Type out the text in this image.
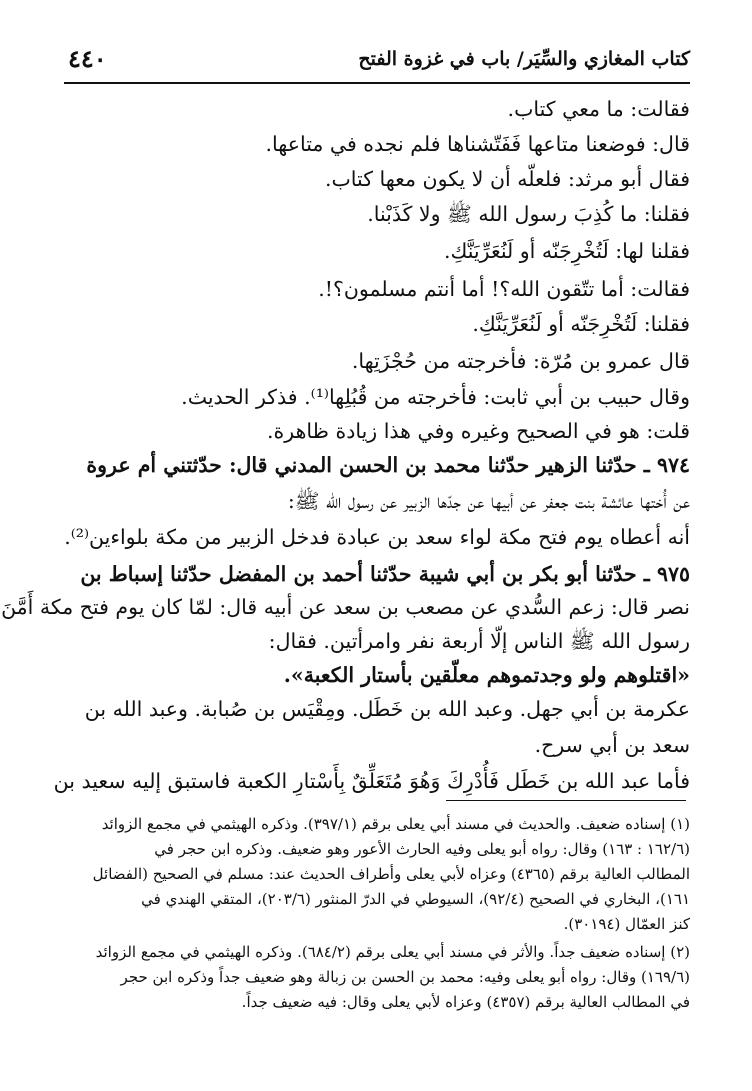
كتاب المغازي والسِّيَر/ باب في غزوة الفتح
٤٤٠
فقالت: ما معي كتاب.
قال: فوضعنا متاعها فَفَتّشناها فلم نجده في متاعها.
فقال أبو مرثد: فلعلّه أن لا يكون معها كتاب.
فقلنا: ما كُذِبَ رسول الله ﷺ ولا كَذَبْنا.
فقلنا لها: لَتُخْرِجَنّه أو لَنُعَرِّيَنَّكِ.
فقالت: أما تتّقون الله؟! أما أنتم مسلمون؟!.
فقلنا: لَتُخْرِجَنّه أو لَنُعَرِّيَنَّكِ.
قال عمرو بن مُرّة: فأخرجته من حُجْزَتِها.
وقال حبيب بن أبي ثابت: فأخرجته من قُبُلِها⁽¹⁾. فذكر الحديث.
قلت: هو في الصحيح وغيره وفي هذا زيادة ظاهرة.
٩٧٤ ـ حدّثنا الزهير حدّثنا محمد بن الحسن المدني قال: حدّثتني أم عروة
عن أُختها عائشة بنت جعفر عن أبيها عن جدّها الزبير عن رسول الله ﷺ:
أنه أعطاه يوم فتح مكة لواء سعد بن عبادة فدخل الزبير من مكة بلواءين⁽²⁾.
٩٧٥ ـ حدّثنا أبو بكر بن أبي شيبة حدّثنا أحمد بن المفضل حدّثنا إسباط بن
نصر قال: زعم السُّدي عن مصعب بن سعد عن أبيه قال: لمّا كان يوم فتح مكة أَمَّنَ
رسول الله ﷺ الناس إلّا أربعة نفر وامرأتين. فقال:
«اقتلوهم ولو وجدتموهم معلّقين بأستار الكعبة».
عكرمة بن أبي جهل. وعبد الله بن خَطَل. ومِقْيَس بن صُبابة. وعبد الله بن
سعد بن أبي سرح.
فأما عبد الله بن خَطَل فَأُدْرِكَ وَهُوَ مُتَعَلِّقٌ بِأَسْتارِ الكعبة فاستبق إليه سعيد بن
(١) إسناده ضعيف. والحديث في مسند أبي يعلى برقم (٣٩٧/١). وذكره الهيثمي في مجمع الزوائد
(١٦٢/٦ : ١٦٣) وقال: رواه أبو يعلى وفيه الحارث الأعور وهو ضعيف. وذكره ابن حجر في
المطالب العالية برقم (٤٣٦٥) وعزاه لأبي يعلى وأطراف الحديث عند: مسلم في الصحيح (الفضائل
١٦١)، البخاري في الصحيح (٩٢/٤)، السيوطي في الدرّ المنثور (٢٠٣/٦)، المتقي الهندي في
كنز العمّال (٣٠١٩٤).
(٢) إسناده ضعيف جداً. والأثر في مسند أبي يعلى برقم (٦٨٤/٢). وذكره الهيثمي في مجمع الزوائد
(١٦٩/٦) وقال: رواه أبو يعلى وفيه: محمد بن الحسن بن زبالة وهو ضعيف جداً وذكره ابن حجر
في المطالب العالية برقم (٤٣٥٧) وعزاه لأبي يعلى وقال: فيه ضعيف جداً.
